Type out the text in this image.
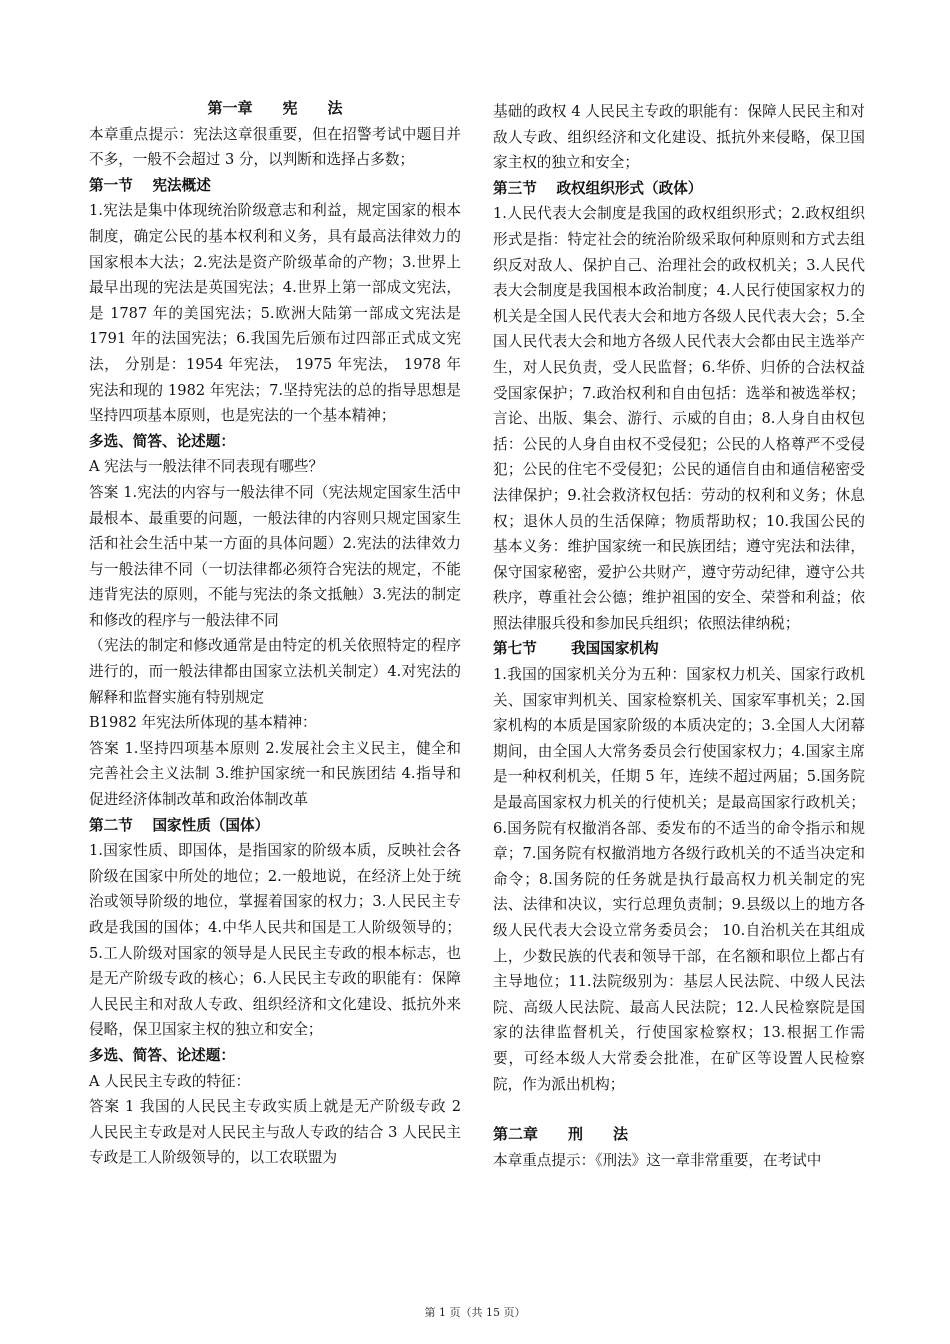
第一章　　宪　　法

本章重点提示：宪法这章很重要，但在招警考试中题目并不多，一般不会超过 3 分，以判断和选择占多数；

第一节　 宪法概述

1.宪法是集中体现统治阶级意志和利益，规定国家的根本制度，确定公民的基本权利和义务，具有最高法律效力的国家根本大法；2.宪法是资产阶级革命的产物；3.世界上最早出现的宪法是英国宪法；4.世界上第一部成文宪法，是 1787 年的美国宪法；5.欧洲大陆第一部成文宪法是 1791 年的法国宪法；6.我国先后颁布过四部正式成文宪法， 分别是：1954 年宪法， 1975 年宪法， 1978 年宪法和现的 1982 年宪法；7.坚持宪法的总的指导思想是坚持四项基本原则，也是宪法的一个基本精神；

多选、简答、论述题：

A 宪法与一般法律不同表现有哪些？

答案 1.宪法的内容与一般法律不同（宪法规定国家生活中最根本、最重要的问题，一般法律的内容则只规定国家生活和社会生活中某一方面的具体问题）2.宪法的法律效力与一般法律不同（一切法律都必须符合宪法的规定，不能违背宪法的原则，不能与宪法的条文抵触）3.宪法的制定和修改的程序与一般法律不同

（宪法的制定和修改通常是由特定的机关依照特定的程序进行的，而一般法律都由国家立法机关制定）4.对宪法的解释和监督实施有特别规定

B1982 年宪法所体现的基本精神：

答案 1.坚持四项基本原则 2.发展社会主义民主，健全和完善社会主义法制 3.维护国家统一和民族团结 4.指导和促进经济体制改革和政治体制改革

第二节　 国家性质（国体）

1.国家性质、即国体，是指国家的阶级本质，反映社会各阶级在国家中所处的地位；2.一般地说，在经济上处于统治或领导阶级的地位，掌握着国家的权力；3.人民民主专政是我国的国体；4.中华人民共和国是工人阶级领导的；5.工人阶级对国家的领导是人民民主专政的根本标志，也是无产阶级专政的核心；6.人民民主专政的职能有：保障人民民主和对敌人专政、组织经济和文化建设、抵抗外来侵略，保卫国家主权的独立和安全；

多选、简答、论述题：

A 人民民主专政的特征：

答案 1 我国的人民民主专政实质上就是无产阶级专政 2 人民民主专政是对人民民主与敌人专政的结合 3 人民民主专政是工人阶级领导的，以工农联盟为

基础的政权 4 人民民主专政的职能有：保障人民民主和对敌人专政、组织经济和文化建设、抵抗外来侵略，保卫国家主权的独立和安全；

第三节　 政权组织形式（政体）

1.人民代表大会制度是我国的政权组织形式；2.政权组织形式是指：特定社会的统治阶级采取何种原则和方式去组织反对敌人、保护自己、治理社会的政权机关；3.人民代表大会制度是我国根本政治制度；4.人民行使国家权力的机关是全国人民代表大会和地方各级人民代表大会；5.全国人民代表大会和地方各级人民代表大会都由民主选举产生，对人民负责，受人民监督；6.华侨、归侨的合法权益受国家保护；7.政治权利和自由包括：选举和被选举权；言论、出版、集会、游行、示威的自由；8.人身自由权包括：公民的人身自由权不受侵犯；公民的人格尊严不受侵犯；公民的住宅不受侵犯；公民的通信自由和通信秘密受法律保护；9.社会救济权包括：劳动的权利和义务；休息权；退休人员的生活保障；物质帮助权；10.我国公民的基本义务：维护国家统一和民族团结；遵守宪法和法律，保守国家秘密，爱护公共财产，遵守劳动纪律，遵守公共秩序，尊重社会公德；维护祖国的安全、荣誉和利益；依照法律服兵役和参加民兵组织；依照法律纳税；

第七节　　 我国国家机构

1.我国的国家机关分为五种：国家权力机关、国家行政机关、国家审判机关、国家检察机关、国家军事机关；2.国家机构的本质是国家阶级的本质决定的；3.全国人大闭幕期间，由全国人大常务委员会行使国家权力；4.国家主席是一种权利机关，任期 5 年，连续不超过两届；5.国务院是最高国家权力机关的行使机关；是最高国家行政机关；6.国务院有权撤消各部、委发布的不适当的命令指示和规章；7.国务院有权撤消地方各级行政机关的不适当决定和命令；8.国务院的任务就是执行最高权力机关制定的宪法、法律和决议，实行总理负责制；9.县级以上的地方各级人民代表大会设立常务委员会； 10.自治机关在其组成上，少数民族的代表和领导干部，在名额和职位上都占有主导地位；11.法院级别为：基层人民法院、中级人民法院、高级人民法院、最高人民法院；12.人民检察院是国家的法律监督机关，行使国家检察权；13.根据工作需要，可经本级人大常委会批准，在矿区等设置人民检察院，作为派出机构；

第二章　　刑　　法

本章重点提示：《刑法》这一章非常重要，在考试中

第 1 页（共 15 页）
